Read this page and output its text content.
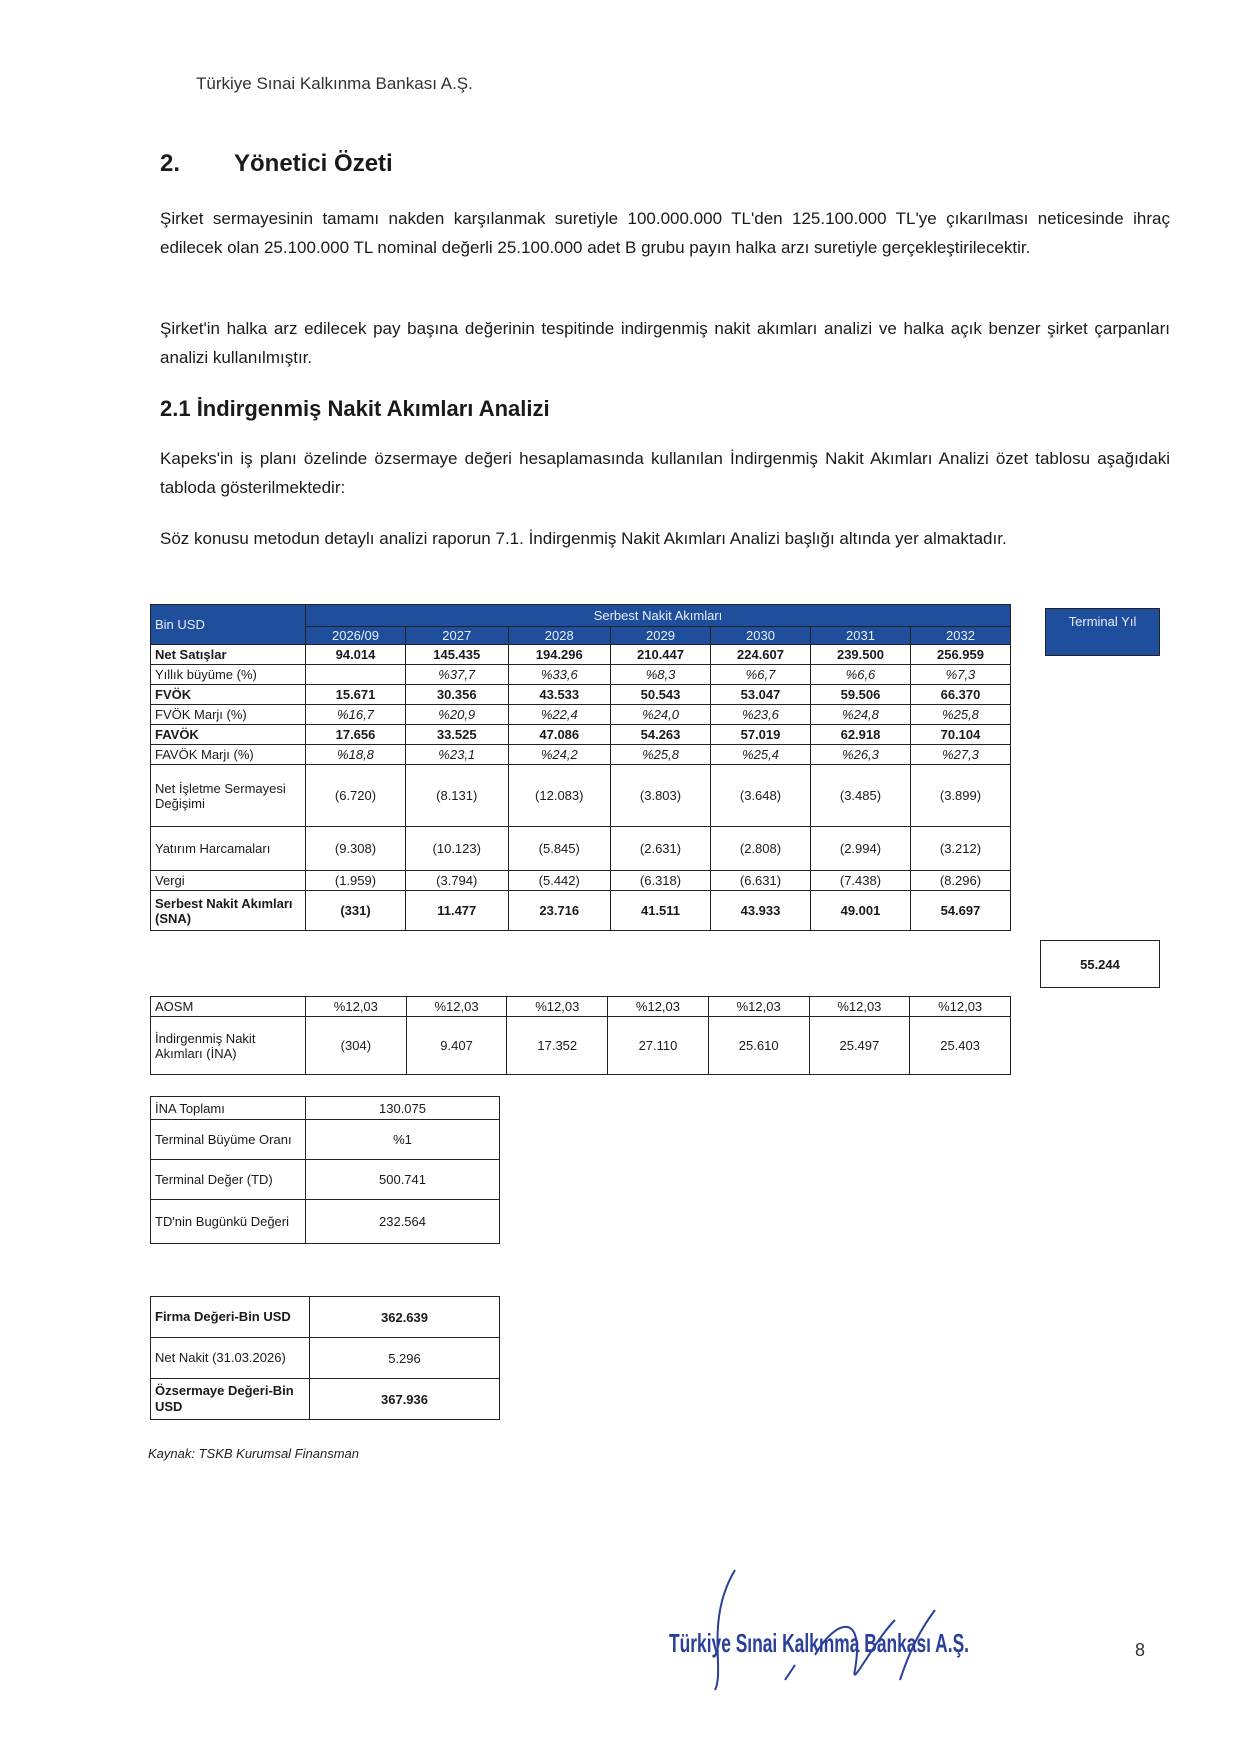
Türkiye Sınai Kalkınma Bankası A.Ş.
2. Yönetici Özeti
Şirket sermayesinin tamamı nakden karşılanmak suretiyle 100.000.000 TL'den 125.100.000 TL'ye çıkarılması neticesinde ihraç edilecek olan 25.100.000 TL nominal değerli 25.100.000 adet B grubu payın halka arzı suretiyle gerçekleştirilecektir.
Şirket'in halka arz edilecek pay başına değerinin tespitinde indirgenmiş nakit akımları analizi ve halka açık benzer şirket çarpanları analizi kullanılmıştır.
2.1 İndirgenmiş Nakit Akımları Analizi
Kapeks'in iş planı özelinde özsermaye değeri hesaplamasında kullanılan İndirgenmiş Nakit Akımları Analizi özet tablosu aşağıdaki tabloda gösterilmektedir:
Söz konusu metodun detaylı analizi raporun 7.1. İndirgenmiş Nakit Akımları Analizi başlığı altında yer almaktadır.
Bin USD	Serbest Nakit Akımları						
	2026/09	2027	2028	2029	2030	2031	2032
Net Satışlar	94.014	145.435	194.296	210.447	224.607	239.500	256.959
Yıllık büyüme (%)		%37,7	%33,6	%8,3	%6,7	%6,6	%7,3
FVÖK	15.671	30.356	43.533	50.543	53.047	59.506	66.370
FVÖK Marjı (%)	%16,7	%20,9	%22,4	%24,0	%23,6	%24,8	%25,8
FAVÖK	17.656	33.525	47.086	54.263	57.019	62.918	70.104
FAVÖK Marjı (%)	%18,8	%23,1	%24,2	%25,8	%25,4	%26,3	%27,3
Net İşletme Sermayesi Değişimi	(6.720)	(8.131)	(12.083)	(3.803)	(3.648)	(3.485)	(3.899)
Yatırım Harcamaları	(9.308)	(10.123)	(5.845)	(2.631)	(2.808)	(2.994)	(3.212)
Vergi	(1.959)	(3.794)	(5.442)	(6.318)	(6.631)	(7.438)	(8.296)
Serbest Nakit Akımları (SNA)	(331)	11.477	23.716	41.511	43.933	49.001	54.697
Terminal Yıl
55.244
AOSM	%12,03	%12,03	%12,03	%12,03	%12,03	%12,03	%12,03
İndirgenmiş Nakit Akımları (İNA)	(304)	9.407	17.352	27.110	25.610	25.497	25.403
İNA Toplamı	130.075
Terminal Büyüme Oranı	%1
Terminal Değer (TD)	500.741
TD'nin Bugünkü Değeri	232.564
Firma Değeri-Bin USD	362.639
Net Nakit (31.03.2026)	5.296
Özsermaye Değeri-Bin USD	367.936
Kaynak: TSKB Kurumsal Finansman
Türkiye Sınai Kalkınma Bankası A.Ş.	8
